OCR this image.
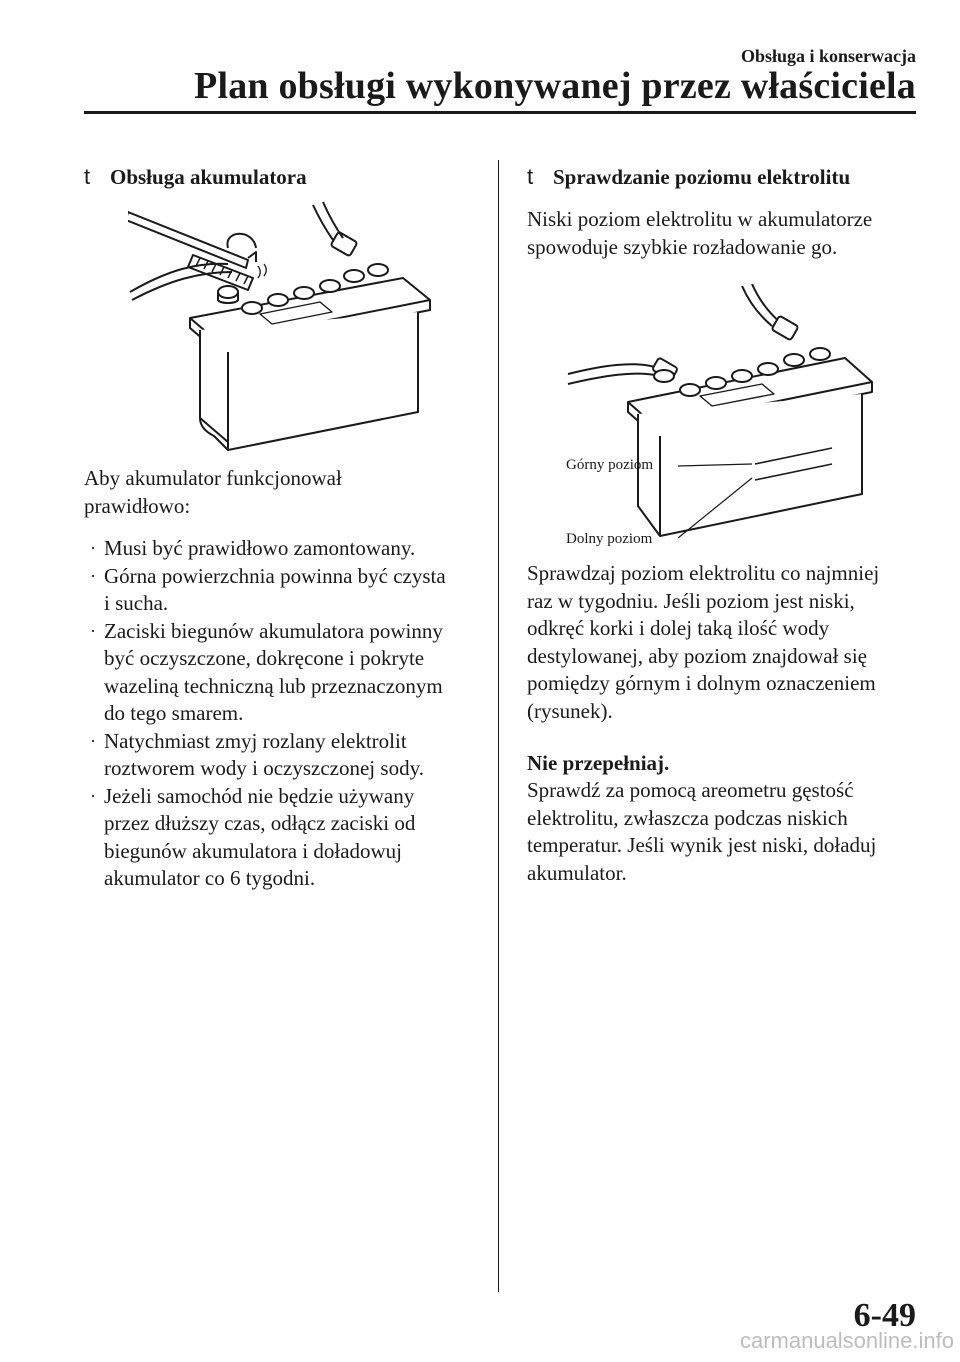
Obsługa i konserwacja
Plan obsługi wykonywanej przez właściciela
t Obsługa akumulatora

Aby akumulator funkcjonował
prawidłowo:

· Musi być prawidłowo zamontowany.
· Górna powierzchnia powinna być czysta
i sucha.
· Zaciski biegunów akumulatora powinny
być oczyszczone, dokręcone i pokryte
wazeliną techniczną lub przeznaczonym
do tego smarem.
· Natychmiast zmyj rozlany elektrolit
roztworem wody i oczyszczonej sody.
· Jeżeli samochód nie będzie używany
przez dłuższy czas, odłącz zaciski od
biegunów akumulatora i doładowuj
akumulator co 6 tygodni.
t Sprawdzanie poziomu elektrolitu

Niski poziom elektrolitu w akumulatorze
spowoduje szybkie rozładowanie go.

Górny poziom
Dolny poziom

Sprawdzaj poziom elektrolitu co najmniej
raz w tygodniu. Jeśli poziom jest niski,
odkręć korki i dolej taką ilość wody
destylowanej, aby poziom znajdował się
pomiędzy górnym i dolnym oznaczeniem
(rysunek).

Nie przepełniaj.

Sprawdź za pomocą areometru gęstość
elektrolitu, zwłaszcza podczas niskich
temperatur. Jeśli wynik jest niski, doładuj
akumulator.

6-49
carmanualsonline.info
